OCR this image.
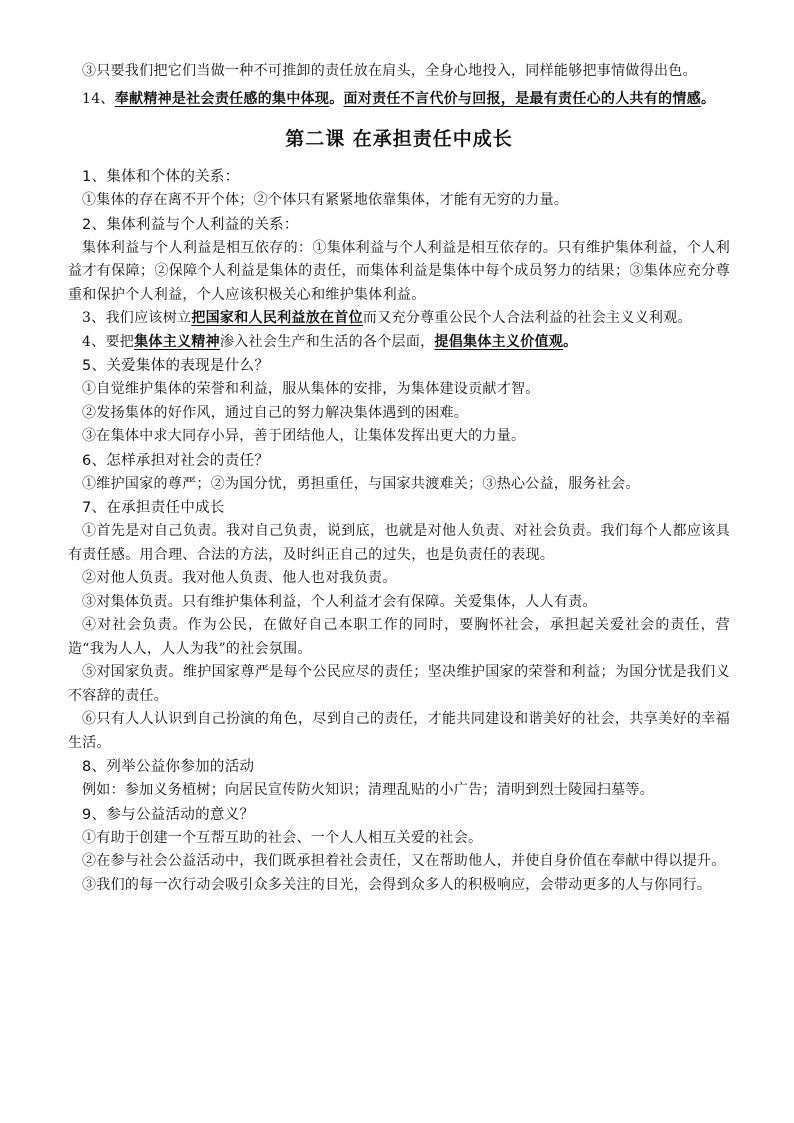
③只要我们把它们当做一种不可推卸的责任放在肩头，全身心地投入，同样能够把事情做得出色。

14、奉献精神是社会责任感的集中体现。面对责任不言代价与回报，是最有责任心的人共有的情感。

第二课 在承担责任中成长

1、集体和个体的关系：

①集体的存在离不开个体；②个体只有紧紧地依靠集体，才能有无穷的力量。

2、集体利益与个人利益的关系：

集体利益与个人利益是相互依存的：①集体利益与个人利益是相互依存的。只有维护集体利益，个人利益才有保障；②保障个人利益是集体的责任，而集体利益是集体中每个成员努力的结果；③集体应充分尊重和保护个人利益，个人应该积极关心和维护集体利益。

3、我们应该树立把国家和人民利益放在首位而又充分尊重公民个人合法利益的社会主义义利观。

4、要把集体主义精神渗入社会生产和生活的各个层面，提倡集体主义价值观。

5、关爱集体的表现是什么？

①自觉维护集体的荣誉和利益，服从集体的安排，为集体建设贡献才智。

②发扬集体的好作风，通过自己的努力解决集体遇到的困难。

③在集体中求大同存小异，善于团结他人，让集体发挥出更大的力量。

6、怎样承担对社会的责任？

①维护国家的尊严；②为国分忧，勇担重任，与国家共渡难关；③热心公益，服务社会。

7、在承担责任中成长

①首先是对自己负责。我对自己负责，说到底，也就是对他人负责、对社会负责。我们每个人都应该具有责任感。用合理、合法的方法，及时纠正自己的过失，也是负责任的表现。

②对他人负责。我对他人负责、他人也对我负责。

③对集体负责。只有维护集体利益，个人利益才会有保障。关爱集体，人人有责。

④对社会负责。作为公民，在做好自己本职工作的同时，要胸怀社会，承担起关爱社会的责任，营造“我为人人，人人为我”的社会氛围。

⑤对国家负责。维护国家尊严是每个公民应尽的责任；坚决维护国家的荣誉和利益；为国分忧是我们义不容辞的责任。

⑥只有人人认识到自己扮演的角色，尽到自己的责任，才能共同建设和谐美好的社会，共享美好的幸福生活。

8、列举公益你参加的活动

例如：参加义务植树；向居民宣传防火知识；清理乱贴的小广告；清明到烈士陵园扫墓等。

9、参与公益活动的意义？

①有助于创建一个互帮互助的社会、一个人人相互关爱的社会。

②在参与社会公益活动中，我们既承担着社会责任，又在帮助他人，并使自身价值在奉献中得以提升。

③我们的每一次行动会吸引众多关注的目光，会得到众多人的积极响应，会带动更多的人与你同行。
